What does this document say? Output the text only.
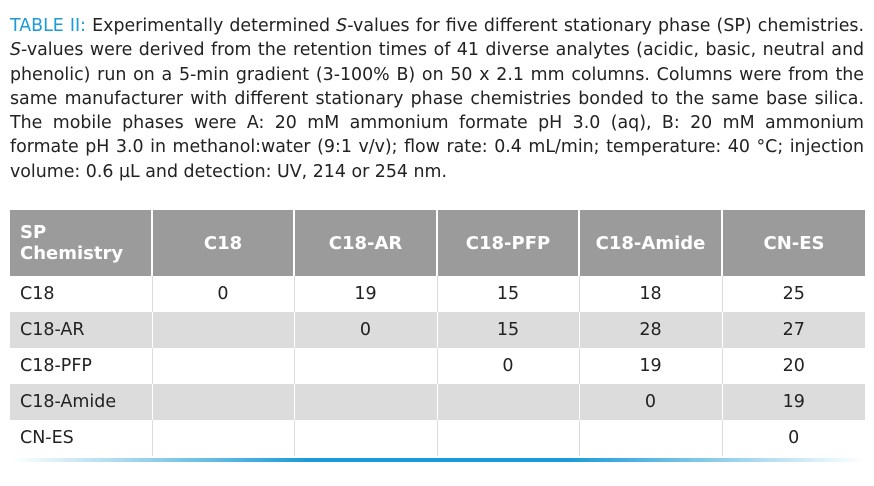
TABLE II: Experimentally determined S-values for five different stationary phase (SP) chemistries. S-values were derived from the retention times of 41 diverse analytes (acidic, basic, neutral and phenolic) run on a 5-min gradient (3-100% B) on 50 x 2.1 mm columns. Columns were from the same manufacturer with different stationary phase chemistries bonded to the same base silica. The mobile phases were A: 20 mM ammonium formate pH 3.0 (aq), B: 20 mM ammonium formate pH 3.0 in methanol:water (9:1 v/v); flow rate: 0.4 mL/min; temperature: 40 °C; injection volume: 0.6 µL and detection: UV, 214 or 254 nm.
SP
Chemistry	C18	C18-AR	C18-PFP	C18-Amide	CN-ES
C18	0	19	15	18	25
C18-AR		0	15	28	27
C18-PFP			0	19	20
C18-Amide				0	19
CN-ES					0
